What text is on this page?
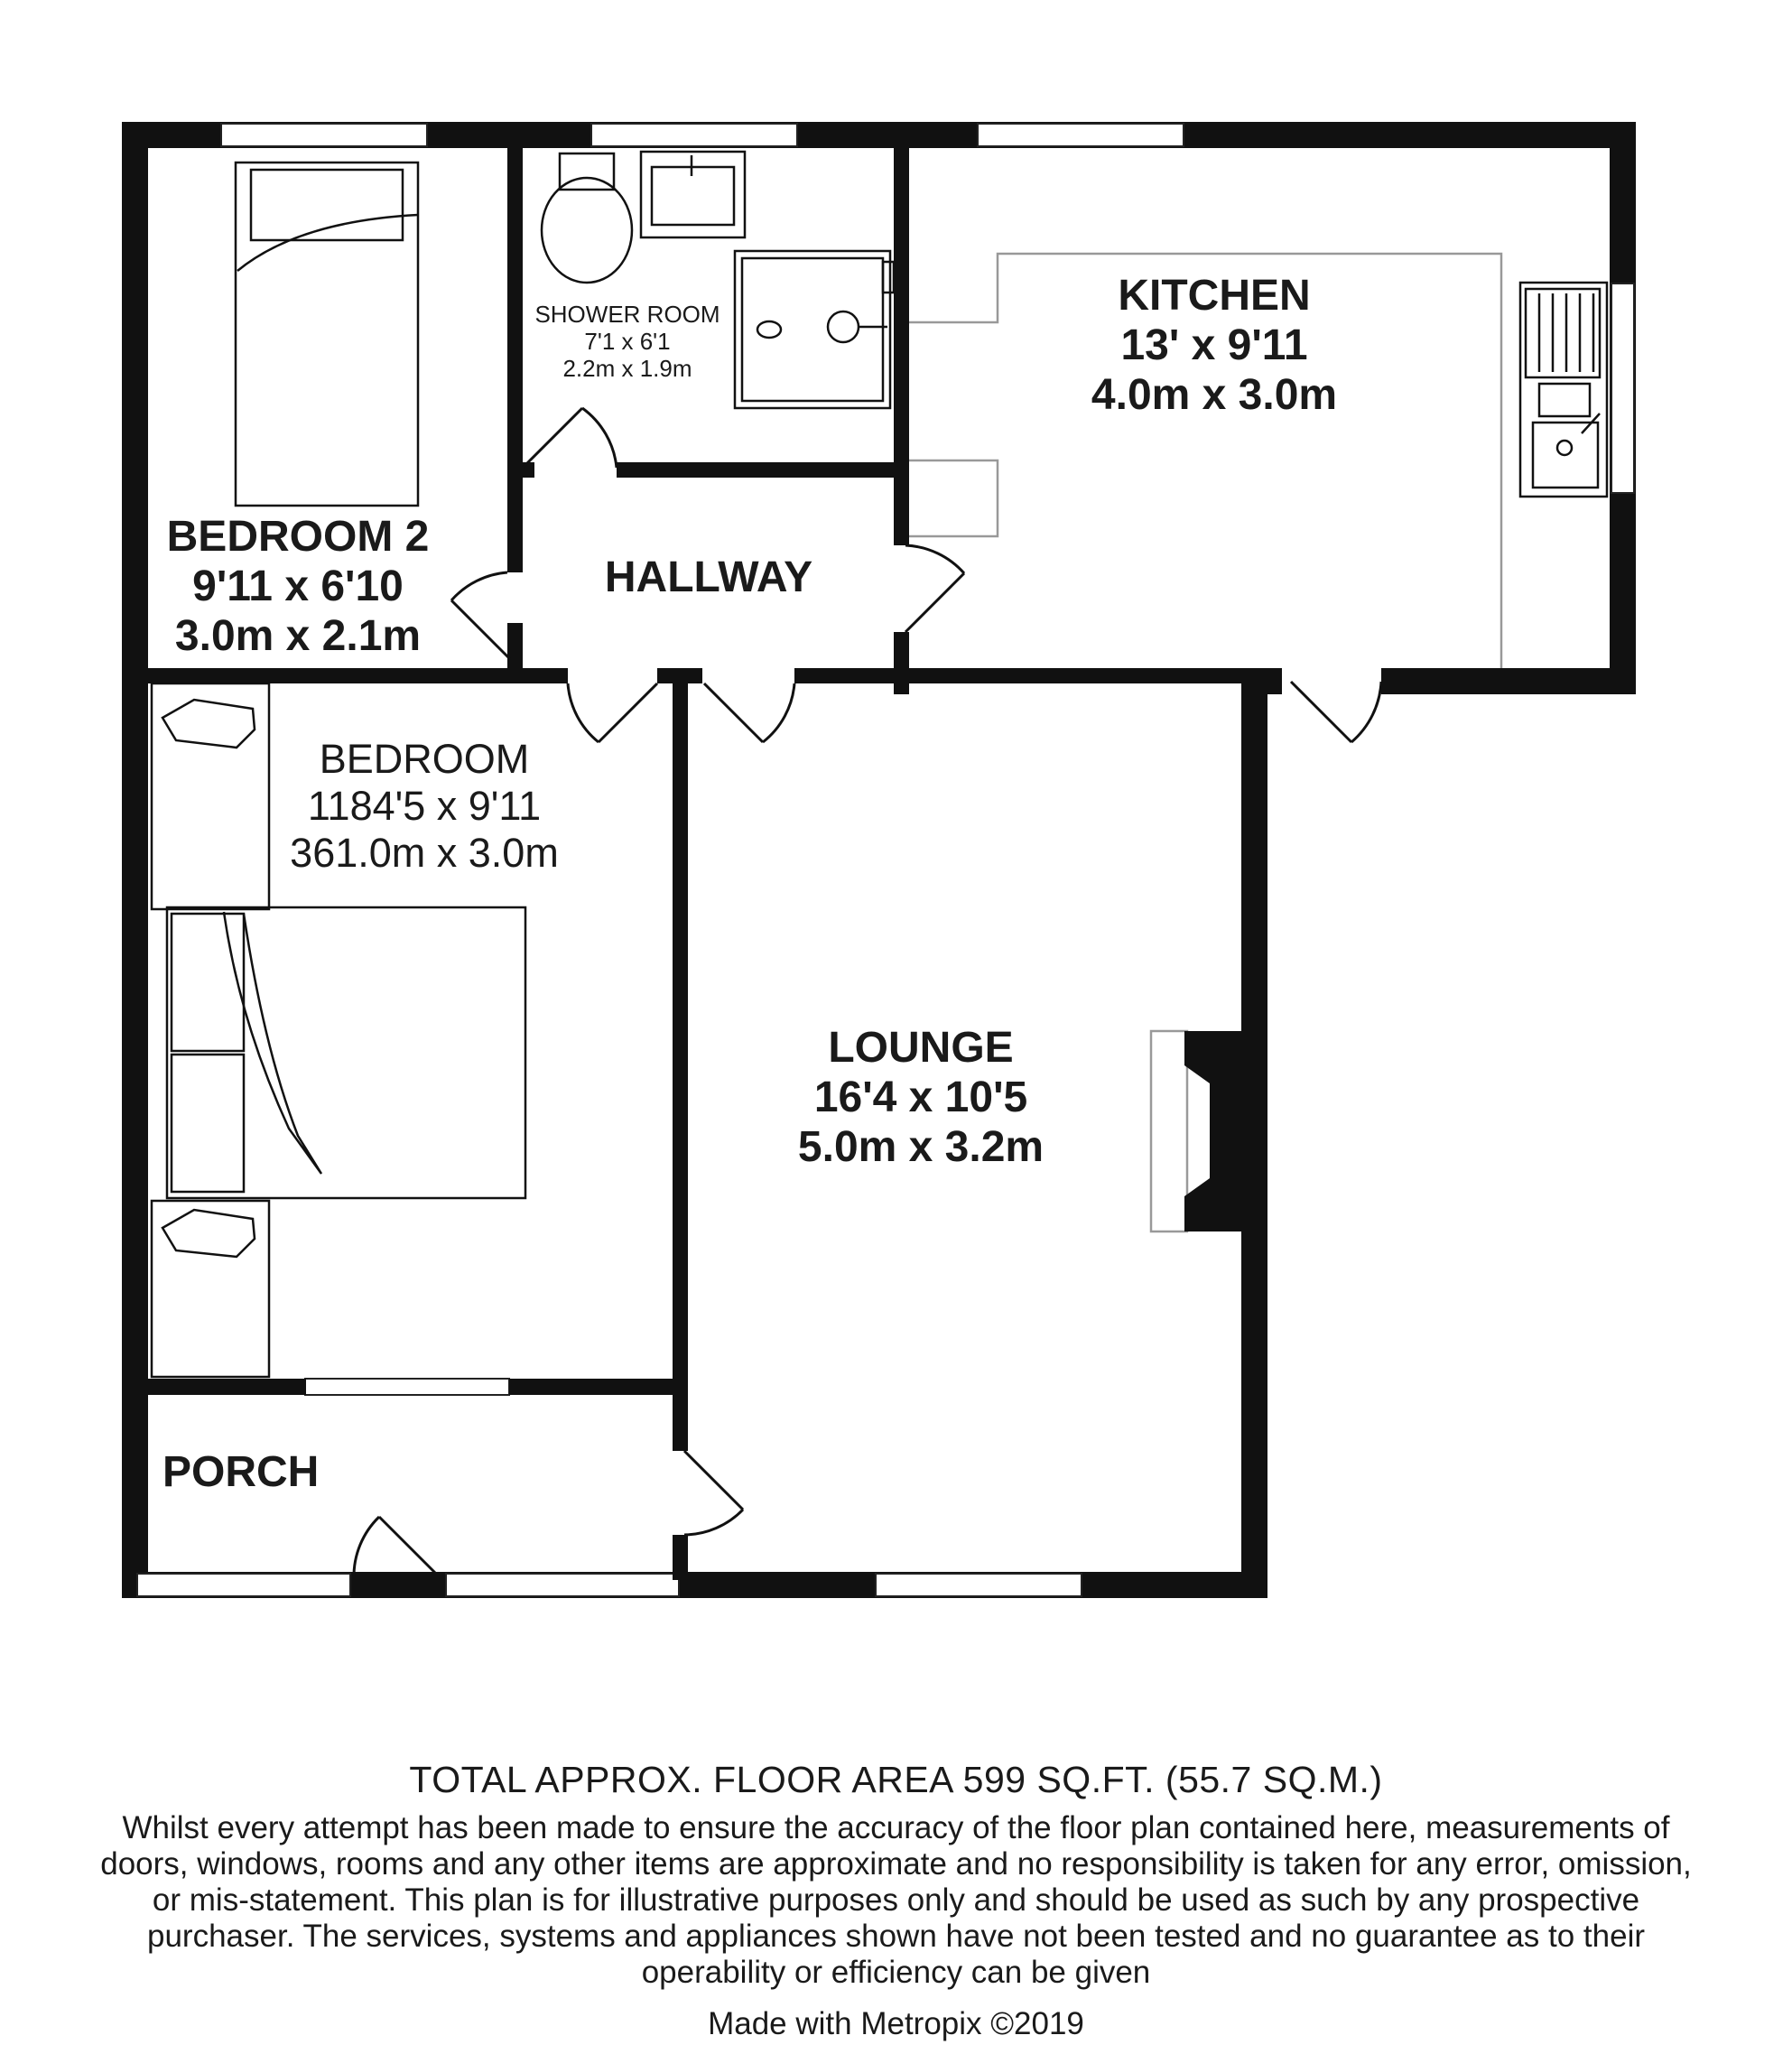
BEDROOM 2
9'11 x 6'10
3.0m x 2.1m
SHOWER ROOM
7'1 x 6'1
2.2m x 1.9m
KITCHEN
13' x 9'11
4.0m x 3.0m
HALLWAY
BEDROOM
1184'5 x 9'11
361.0m x 3.0m
LOUNGE
16'4 x 10'5
5.0m x 3.2m
PORCH
TOTAL APPROX. FLOOR AREA 599 SQ.FT. (55.7 SQ.M.)
Whilst every attempt has been made to ensure the accuracy of the floor plan contained here, measurements of doors, windows, rooms and any other items are approximate and no responsibility is taken for any error, omission, or mis-statement. This plan is for illustrative purposes only and should be used as such by any prospective purchaser. The services, systems and appliances shown have not been tested and no guarantee as to their operability or efficiency can be given
Made with Metropix ©2019
